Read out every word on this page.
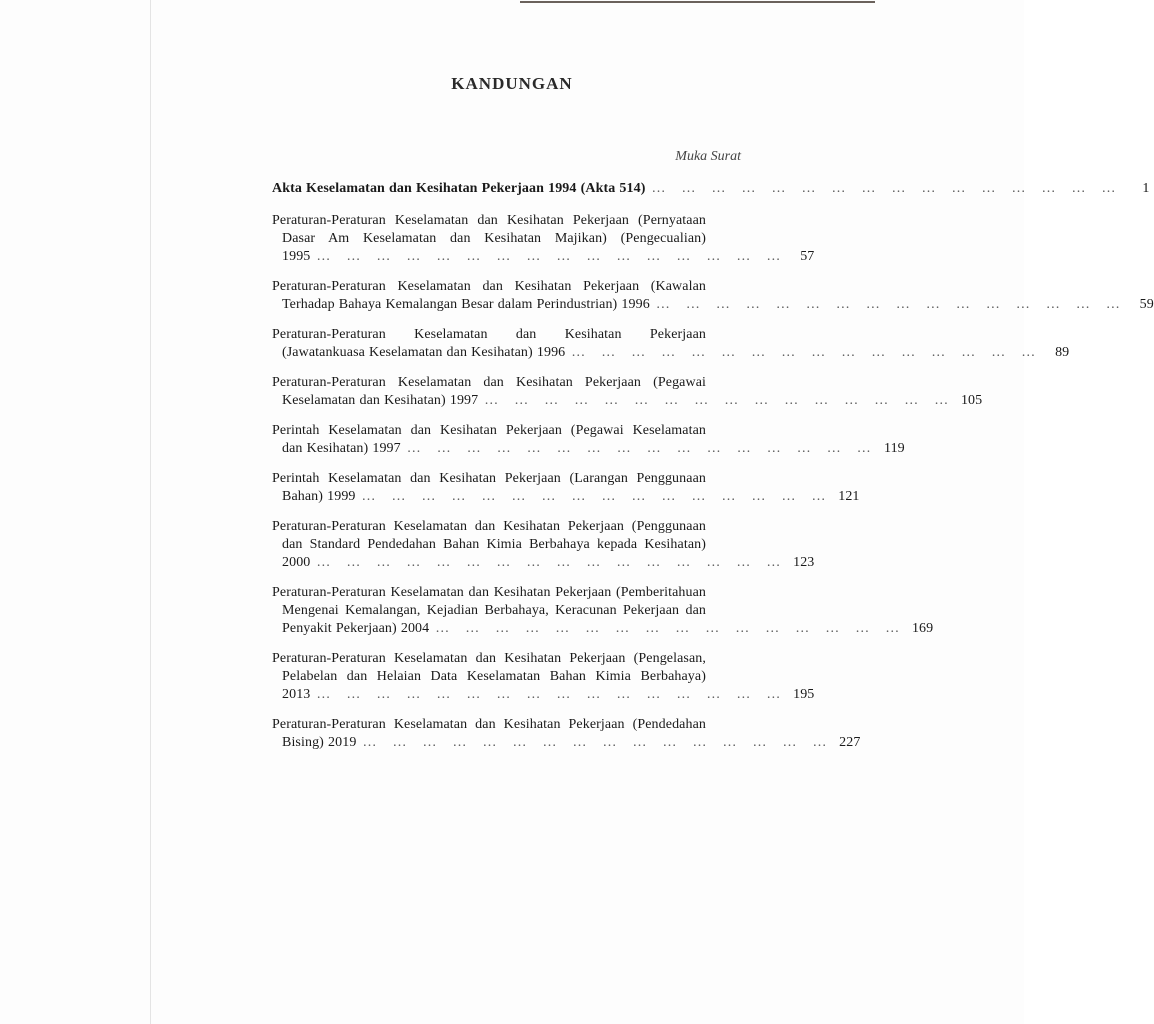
KANDUNGAN
Muka Surat
Akta Keselamatan dan Kesihatan Pekerjaan 1994 (Akta 514) … … … … … … … … … … … … … … … …	1
Peraturan-Peraturan Keselamatan dan Kesihatan Pekerjaan (Pernyataan
Dasar Am Keselamatan dan Kesihatan Majikan) (Pengecualian)
1995 … … … … … … … … … … … … … … … … 57
Peraturan-Peraturan Keselamatan dan Kesihatan Pekerjaan (Kawalan
Terhadap Bahaya Kemalangan Besar dalam Perindustrian) 1996 … … … … … … … … … … … … … … … … 59
Peraturan-Peraturan Keselamatan dan Kesihatan Pekerjaan
(Jawatankuasa Keselamatan dan Kesihatan) 1996 … … … … … … … … … … … … … … … … 89
Peraturan-Peraturan Keselamatan dan Kesihatan Pekerjaan (Pegawai
Keselamatan dan Kesihatan) 1997 … … … … … … … … … … … … … … … … 105
Perintah Keselamatan dan Kesihatan Pekerjaan (Pegawai Keselamatan
dan Kesihatan) 1997 … … … … … … … … … … … … … … … … 119
Perintah Keselamatan dan Kesihatan Pekerjaan (Larangan Penggunaan
Bahan) 1999 … … … … … … … … … … … … … … … … 121
Peraturan-Peraturan Keselamatan dan Kesihatan Pekerjaan (Penggunaan
dan Standard Pendedahan Bahan Kimia Berbahaya kepada Kesihatan)
2000 … … … … … … … … … … … … … … … … 123
Peraturan-Peraturan Keselamatan dan Kesihatan Pekerjaan (Pemberitahuan
Mengenai Kemalangan, Kejadian Berbahaya, Keracunan Pekerjaan dan
Penyakit Pekerjaan) 2004 … … … … … … … … … … … … … … … … 169
Peraturan-Peraturan Keselamatan dan Kesihatan Pekerjaan (Pengelasan,
Pelabelan dan Helaian Data Keselamatan Bahan Kimia Berbahaya)
2013 … … … … … … … … … … … … … … … … 195
Peraturan-Peraturan Keselamatan dan Kesihatan Pekerjaan (Pendedahan
Bising) 2019 … … … … … … … … … … … … … … … … 227
